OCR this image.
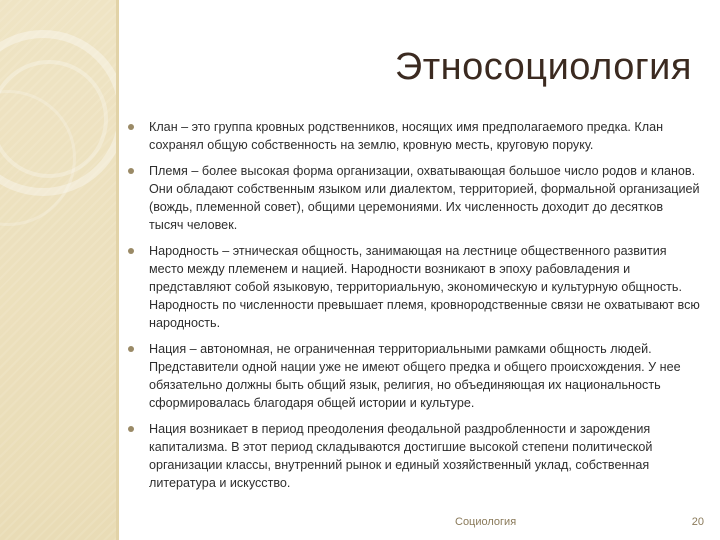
Этносоциология
Клан – это группа кровных родственников, носящих имя предполагаемого предка. Клан сохранял общую собственность на землю, кровную месть, круговую поруку.
Племя – более высокая форма организации, охватывающая большое число родов и кланов. Они обладают собственным языком или диалектом, территорией, формальной организацией (вождь, племенной совет), общими церемониями. Их численность доходит до десятков тысяч человек.
Народность – этническая общность, занимающая на лестнице общественного развития место между племенем и нацией. Народности возникают в эпоху рабовладения и представляют собой языковую, территориальную, экономическую и культурную общность. Народность по численности превышает племя, кровнородственные связи не охватывают всю народность.
Нация – автономная, не ограниченная территориальными рамками общность людей. Представители одной нации уже не имеют общего предка и общего происхождения. У нее обязательно должны быть общий язык, религия, но объединяющая их национальность сформировалась благодаря общей истории и культуре.
Нация возникает в период преодоления феодальной раздробленности и зарождения капитализма. В этот период складываются достигшие высокой степени политической организации классы, внутренний рынок и единый хозяйственный уклад, собственная литература и искусство.
Социология	20
